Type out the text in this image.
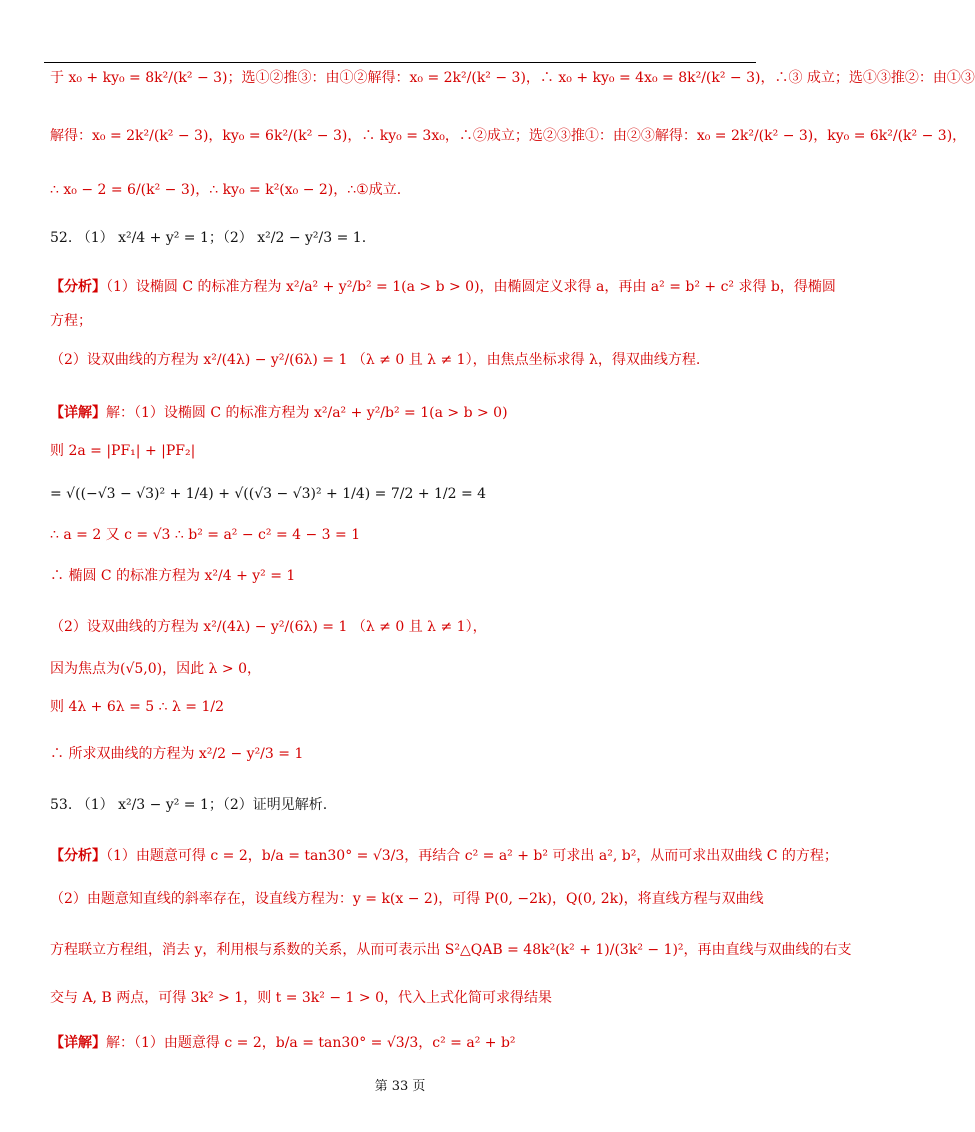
于 x₀ + ky₀ = 8k²/(k² − 3)；选①②推③：由①②解得：x₀ = 2k²/(k² − 3)，∴ x₀ + ky₀ = 4x₀ = 8k²/(k² − 3)，∴③ 成立；选①③推②：由①③
解得：x₀ = 2k²/(k² − 3)，ky₀ = 6k²/(k² − 3)，∴ ky₀ = 3x₀，∴②成立；选②③推①：由②③解得：x₀ = 2k²/(k² − 3)，ky₀ = 6k²/(k² − 3)，
∴ x₀ − 2 = 6/(k² − 3)，∴ ky₀ = k²(x₀ − 2)，∴①成立.
52. （1） x²/4 + y² = 1；（2） x²/2 − y²/3 = 1.
【分析】（1）设椭圆 C 的标准方程为 x²/a² + y²/b² = 1(a > b > 0)，由椭圆定义求得 a，再由 a² = b² + c² 求得 b，得椭圆
方程；
（2）设双曲线的方程为 x²/(4λ) − y²/(6λ) = 1 （λ ≠ 0 且 λ ≠ 1），由焦点坐标求得 λ，得双曲线方程.
【详解】解：（1）设椭圆 C 的标准方程为 x²/a² + y²/b² = 1(a > b > 0)
则 2a = |PF₁| + |PF₂|
= √((−√3 − √3)² + 1/4) + √((√3 − √3)² + 1/4) = 7/2 + 1/2 = 4
∴ a = 2 又 c = √3 ∴ b² = a² − c² = 4 − 3 = 1
∴ 椭圆 C 的标准方程为 x²/4 + y² = 1
（2）设双曲线的方程为 x²/(4λ) − y²/(6λ) = 1 （λ ≠ 0 且 λ ≠ 1），
因为焦点为(√5,0)，因此 λ > 0，
则 4λ + 6λ = 5 ∴ λ = 1/2
∴ 所求双曲线的方程为 x²/2 − y²/3 = 1
53. （1） x²/3 − y² = 1；（2）证明见解析.
【分析】（1）由题意可得 c = 2，b/a = tan30° = √3/3，再结合 c² = a² + b² 可求出 a², b²，从而可求出双曲线 C 的方程；
（2）由题意知直线的斜率存在，设直线方程为：y = k(x − 2)，可得 P(0, −2k)，Q(0, 2k)，将直线方程与双曲线
方程联立方程组，消去 y，利用根与系数的关系，从而可表示出 S²△QAB = 48k²(k² + 1)/(3k² − 1)²，再由直线与双曲线的右支
交与 A, B 两点，可得 3k² > 1，则 t = 3k² − 1 > 0，代入上式化简可求得结果
【详解】解：（1）由题意得 c = 2，b/a = tan30° = √3/3，c² = a² + b²
第 33 页
